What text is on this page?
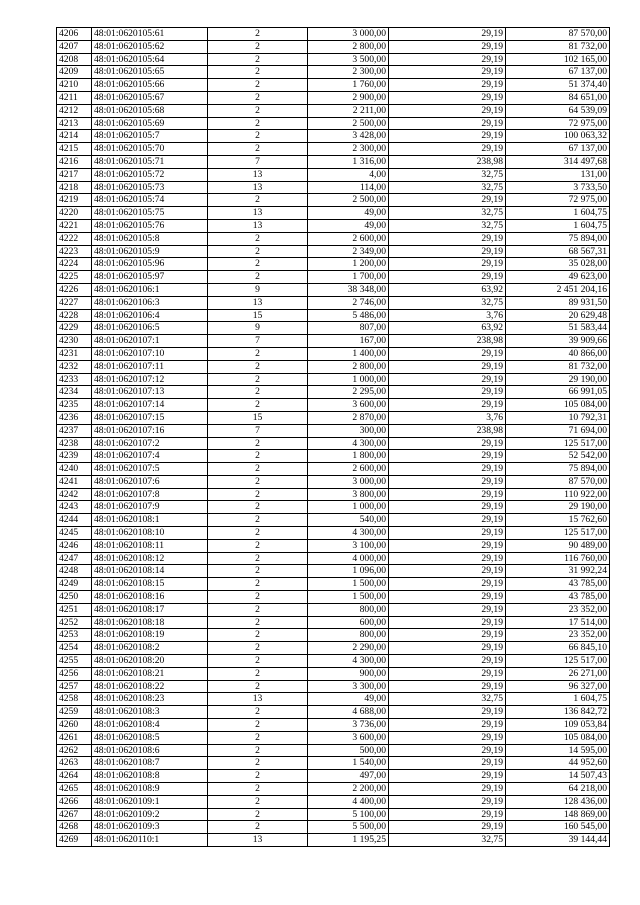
4206	48:01:0620105:61	2	3 000,00	29,19	87 570,00
4207	48:01:0620105:62	2	2 800,00	29,19	81 732,00
4208	48:01:0620105:64	2	3 500,00	29,19	102 165,00
4209	48:01:0620105:65	2	2 300,00	29,19	67 137,00
4210	48:01:0620105:66	2	1 760,00	29,19	51 374,40
4211	48:01:0620105:67	2	2 900,00	29,19	84 651,00
4212	48:01:0620105:68	2	2 211,00	29,19	64 539,09
4213	48:01:0620105:69	2	2 500,00	29,19	72 975,00
4214	48:01:0620105:7	2	3 428,00	29,19	100 063,32
4215	48:01:0620105:70	2	2 300,00	29,19	67 137,00
4216	48:01:0620105:71	7	1 316,00	238,98	314 497,68
4217	48:01:0620105:72	13	4,00	32,75	131,00
4218	48:01:0620105:73	13	114,00	32,75	3 733,50
4219	48:01:0620105:74	2	2 500,00	29,19	72 975,00
4220	48:01:0620105:75	13	49,00	32,75	1 604,75
4221	48:01:0620105:76	13	49,00	32,75	1 604,75
4222	48:01:0620105:8	2	2 600,00	29,19	75 894,00
4223	48:01:0620105:9	2	2 349,00	29,19	68 567,31
4224	48:01:0620105:96	2	1 200,00	29,19	35 028,00
4225	48:01:0620105:97	2	1 700,00	29,19	49 623,00
4226	48:01:0620106:1	9	38 348,00	63,92	2 451 204,16
4227	48:01:0620106:3	13	2 746,00	32,75	89 931,50
4228	48:01:0620106:4	15	5 486,00	3,76	20 629,48
4229	48:01:0620106:5	9	807,00	63,92	51 583,44
4230	48:01:0620107:1	7	167,00	238,98	39 909,66
4231	48:01:0620107:10	2	1 400,00	29,19	40 866,00
4232	48:01:0620107:11	2	2 800,00	29,19	81 732,00
4233	48:01:0620107:12	2	1 000,00	29,19	29 190,00
4234	48:01:0620107:13	2	2 295,00	29,19	66 991,05
4235	48:01:0620107:14	2	3 600,00	29,19	105 084,00
4236	48:01:0620107:15	15	2 870,00	3,76	10 792,31
4237	48:01:0620107:16	7	300,00	238,98	71 694,00
4238	48:01:0620107:2	2	4 300,00	29,19	125 517,00
4239	48:01:0620107:4	2	1 800,00	29,19	52 542,00
4240	48:01:0620107:5	2	2 600,00	29,19	75 894,00
4241	48:01:0620107:6	2	3 000,00	29,19	87 570,00
4242	48:01:0620107:8	2	3 800,00	29,19	110 922,00
4243	48:01:0620107:9	2	1 000,00	29,19	29 190,00
4244	48:01:0620108:1	2	540,00	29,19	15 762,60
4245	48:01:0620108:10	2	4 300,00	29,19	125 517,00
4246	48:01:0620108:11	2	3 100,00	29,19	90 489,00
4247	48:01:0620108:12	2	4 000,00	29,19	116 760,00
4248	48:01:0620108:14	2	1 096,00	29,19	31 992,24
4249	48:01:0620108:15	2	1 500,00	29,19	43 785,00
4250	48:01:0620108:16	2	1 500,00	29,19	43 785,00
4251	48:01:0620108:17	2	800,00	29,19	23 352,00
4252	48:01:0620108:18	2	600,00	29,19	17 514,00
4253	48:01:0620108:19	2	800,00	29,19	23 352,00
4254	48:01:0620108:2	2	2 290,00	29,19	66 845,10
4255	48:01:0620108:20	2	4 300,00	29,19	125 517,00
4256	48:01:0620108:21	2	900,00	29,19	26 271,00
4257	48:01:0620108:22	2	3 300,00	29,19	96 327,00
4258	48:01:0620108:23	13	49,00	32,75	1 604,75
4259	48:01:0620108:3	2	4 688,00	29,19	136 842,72
4260	48:01:0620108:4	2	3 736,00	29,19	109 053,84
4261	48:01:0620108:5	2	3 600,00	29,19	105 084,00
4262	48:01:0620108:6	2	500,00	29,19	14 595,00
4263	48:01:0620108:7	2	1 540,00	29,19	44 952,60
4264	48:01:0620108:8	2	497,00	29,19	14 507,43
4265	48:01:0620108:9	2	2 200,00	29,19	64 218,00
4266	48:01:0620109:1	2	4 400,00	29,19	128 436,00
4267	48:01:0620109:2	2	5 100,00	29,19	148 869,00
4268	48:01:0620109:3	2	5 500,00	29,19	160 545,00
4269	48:01:0620110:1	13	1 195,25	32,75	39 144,44
